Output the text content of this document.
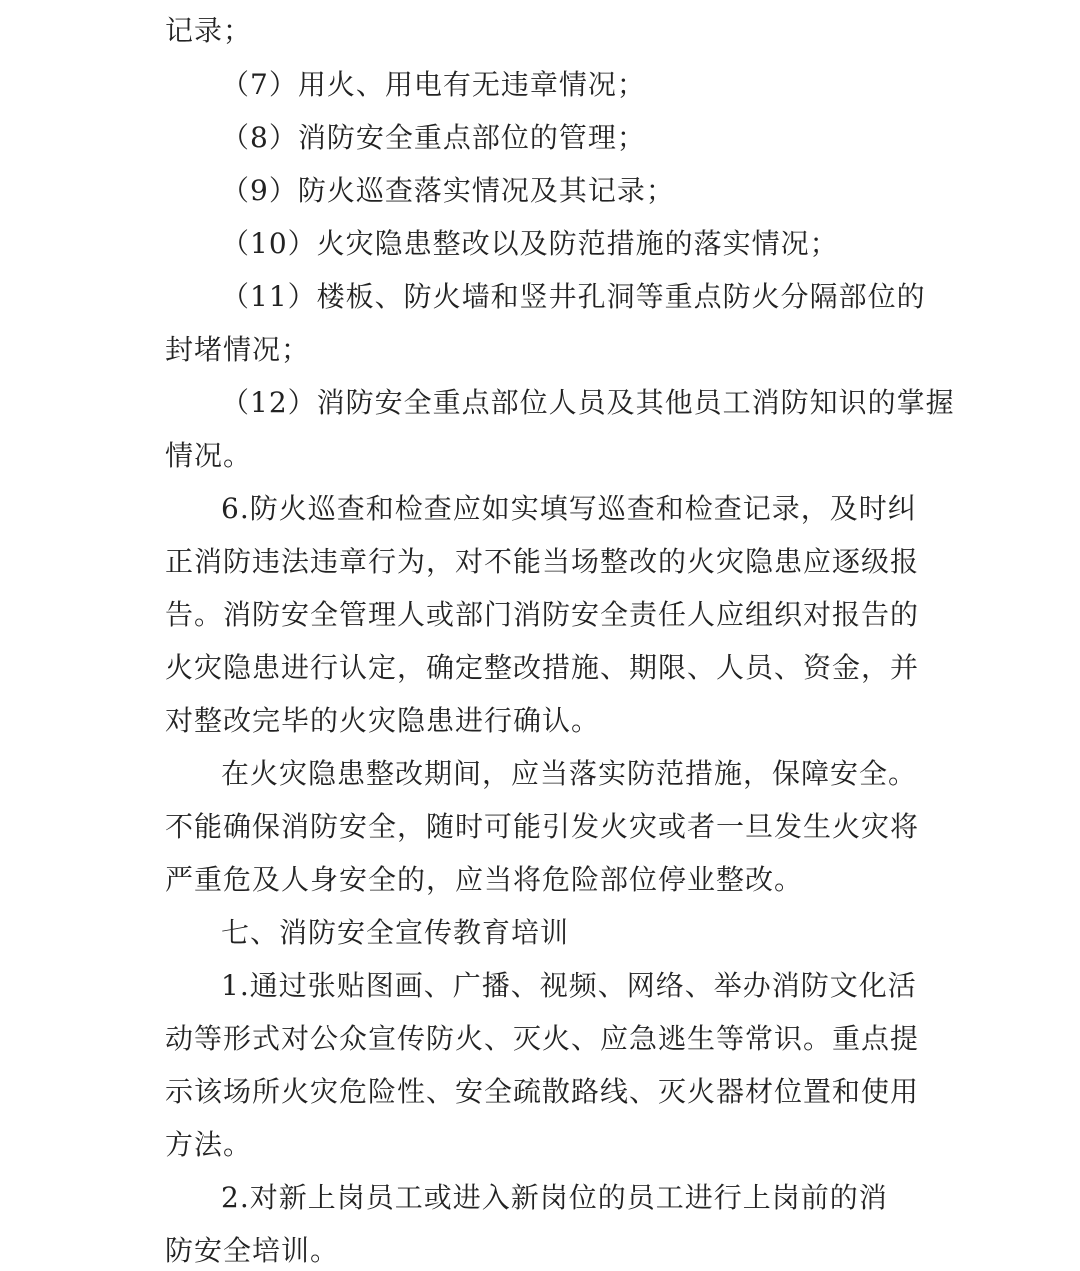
记录；
（7）用火、用电有无违章情况；
（8）消防安全重点部位的管理；
（9）防火巡查落实情况及其记录；
（10）火灾隐患整改以及防范措施的落实情况；
（11）楼板、防火墙和竖井孔洞等重点防火分隔部位的
封堵情况；
（12）消防安全重点部位人员及其他员工消防知识的掌握
情况。
6.防火巡查和检查应如实填写巡查和检查记录，及时纠
正消防违法违章行为，对不能当场整改的火灾隐患应逐级报
告。消防安全管理人或部门消防安全责任人应组织对报告的
火灾隐患进行认定，确定整改措施、期限、人员、资金，并
对整改完毕的火灾隐患进行确认。
在火灾隐患整改期间，应当落实防范措施，保障安全。
不能确保消防安全，随时可能引发火灾或者一旦发生火灾将
严重危及人身安全的，应当将危险部位停业整改。
七、消防安全宣传教育培训
1.通过张贴图画、广播、视频、网络、举办消防文化活
动等形式对公众宣传防火、灭火、应急逃生等常识。重点提
示该场所火灾危险性、安全疏散路线、灭火器材位置和使用
方法。
2.对新上岗员工或进入新岗位的员工进行上岗前的消
防安全培训。
